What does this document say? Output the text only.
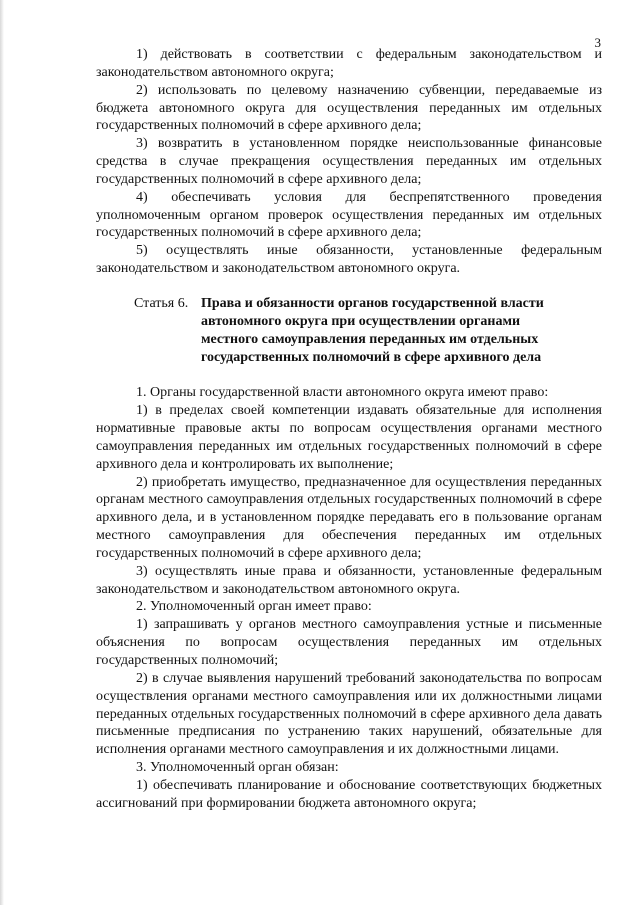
3

1) действовать в соответствии с федеральным законодательством и законодательством автономного округа;

2) использовать по целевому назначению субвенции, передаваемые из бюджета автономного округа для осуществления переданных им отдельных государственных полномочий в сфере архивного дела;

3) возвратить в установленном порядке неиспользованные финансовые средства в случае прекращения осуществления переданных им отдельных государственных полномочий в сфере архивного дела;

4) обеспечивать условия для беспрепятственного проведения уполномоченным органом проверок осуществления переданных им отдельных государственных полномочий в сфере архивного дела;

5) осуществлять иные обязанности, установленные федеральным законодательством и законодательством автономного округа.

Статья 6. Права и обязанности органов государственной власти
автономного округа при осуществлении органами
местного самоуправления переданных им отдельных
государственных полномочий в сфере архивного дела

1. Органы государственной власти автономного округа имеют право:

1) в пределах своей компетенции издавать обязательные для исполнения нормативные правовые акты по вопросам осуществления органами местного самоуправления переданных им отдельных государственных полномочий в сфере архивного дела и контролировать их выполнение;

2) приобретать имущество, предназначенное для осуществления переданных органам местного самоуправления отдельных государственных полномочий в сфере архивного дела, и в установленном порядке передавать его в пользование органам местного самоуправления для обеспечения переданных им отдельных государственных полномочий в сфере архивного дела;

3) осуществлять иные права и обязанности, установленные федеральным законодательством и законодательством автономного округа.

2. Уполномоченный орган имеет право:

1) запрашивать у органов местного самоуправления устные и письменные объяснения по вопросам осуществления переданных им отдельных государственных полномочий;

2) в случае выявления нарушений требований законодательства по вопросам осуществления органами местного самоуправления или их должностными лицами переданных отдельных государственных полномочий в сфере архивного дела давать письменные предписания по устранению таких нарушений, обязательные для исполнения органами местного самоуправления и их должностными лицами.

3. Уполномоченный орган обязан:

1) обеспечивать планирование и обоснование соответствующих бюджетных ассигнований при формировании бюджета автономного округа;
